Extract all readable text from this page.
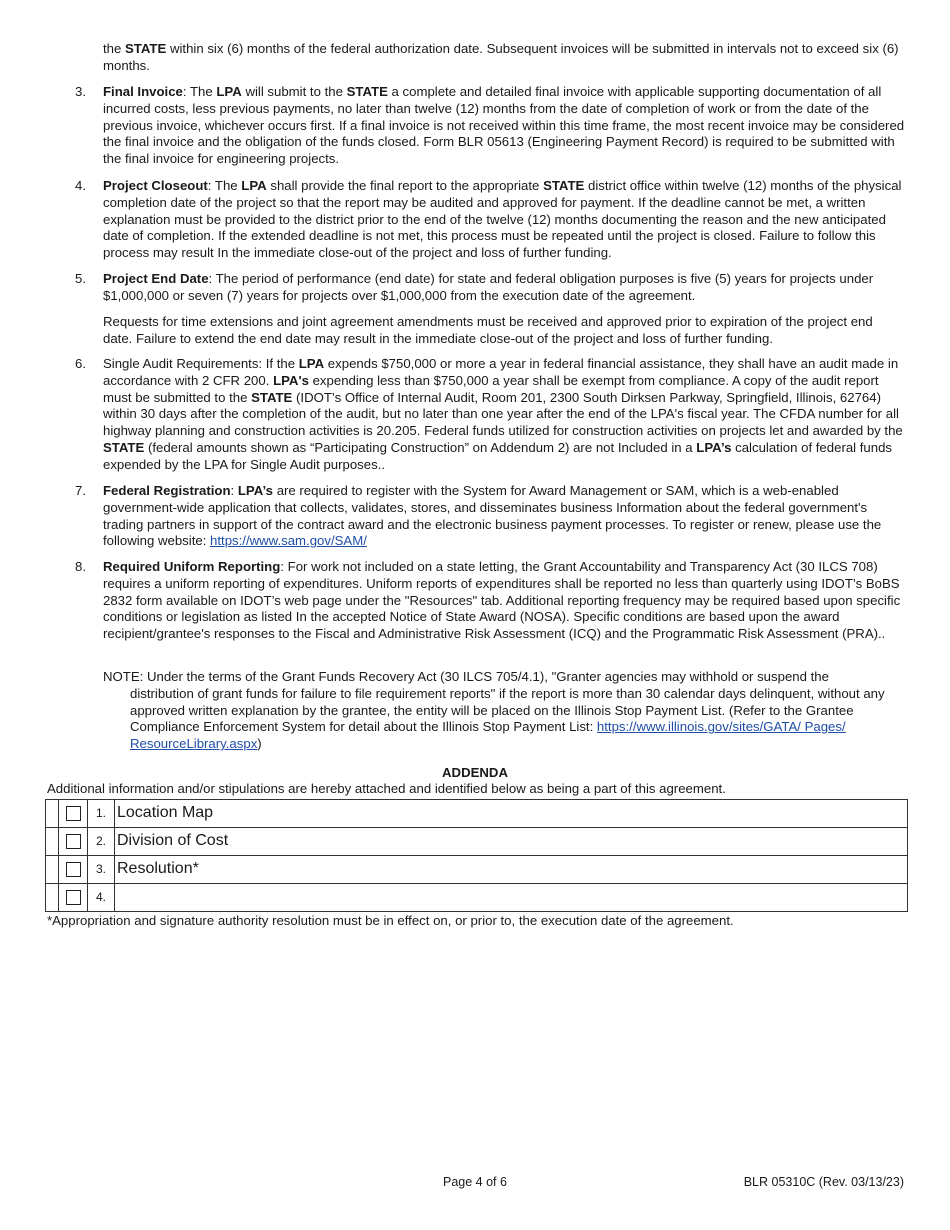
the STATE within six (6) months of the federal authorization date. Subsequent invoices will be submitted in intervals not to exceed six (6) months.
3.	Final Invoice: The LPA will submit to the STATE a complete and detailed final invoice with applicable supporting documentation of all incurred costs, less previous payments, no later than twelve (12) months from the date of completion of work or from the date of the previous invoice, whichever occurs first. If a final invoice is not received within this time frame, the most recent invoice may be considered the final invoice and the obligation of the funds closed. Form BLR 05613 (Engineering Payment Record) is required to be submitted with the final invoice for engineering projects.
4.	Project Closeout: The LPA shall provide the final report to the appropriate STATE district office within twelve (12) months of the physical completion date of the project so that the report may be audited and approved for payment. If the deadline cannot be met, a written explanation must be provided to the district prior to the end of the twelve (12) months documenting the reason and the new anticipated date of completion. If the extended deadline is not met, this process must be repeated until the project is closed. Failure to follow this process may result In the immediate close-out of the project and loss of further funding.
5.	Project End Date: The period of performance (end date) for state and federal obligation purposes is five (5) years for projects under $1,000,000 or seven (7) years for projects over $1,000,000 from the execution date of the agreement.
Requests for time extensions and joint agreement amendments must be received and approved prior to expiration of the project end date. Failure to extend the end date may result in the immediate close-out of the project and loss of further funding.
6.	Single Audit Requirements: If the LPA expends $750,000 or more a year in federal financial assistance, they shall have an audit made in accordance with 2 CFR 200. LPA's expending less than $750,000 a year shall be exempt from compliance. A copy of the audit report must be submitted to the STATE (IDOT’s Office of Internal Audit, Room 201, 2300 South Dirksen Parkway, Springfield, Illinois, 62764) within 30 days after the completion of the audit, but no later than one year after the end of the LPA's fiscal year. The CFDA number for all highway planning and construction activities is 20.205. Federal funds utilized for construction activities on projects let and awarded by the STATE (federal amounts shown as “Participating Construction” on Addendum 2) are not Included in a LPA’s calculation of federal funds expended by the LPA for Single Audit purposes..
7.	Federal Registration: LPA’s are required to register with the System for Award Management or SAM, which is a web-enabled government-wide application that collects, validates, stores, and disseminates business Information about the federal government's trading partners in support of the contract award and the electronic business payment processes. To register or renew, please use the following website: https://www.sam.gov/SAM/
8.	Required Uniform Reporting: For work not included on a state letting, the Grant Accountability and Transparency Act (30 ILCS 708) requires a uniform reporting of expenditures. Uniform reports of expenditures shall be reported no less than quarterly using IDOT’s BoBS 2832 form available on IDOT’s web page under the "Resources" tab. Additional reporting frequency may be required based upon specific conditions or legislation as listed In the accepted Notice of State Award (NOSA). Specific conditions are based upon the award recipient/grantee's responses to the Fiscal and Administrative Risk Assessment (ICQ) and the Programmatic Risk Assessment (PRA)..
NOTE: Under the terms of the Grant Funds Recovery Act (30 ILCS 705/4.1), "Granter agencies may withhold or suspend the
distribution of grant funds for failure to file requirement reports" if the report is more than 30 calendar days delinquent, without any approved written explanation by the grantee, the entity will be placed on the Illinois Stop Payment List. (Refer to the Grantee Compliance Enforcement System for detail about the Illinois Stop Payment List: https://www.illinois.gov/sites/GATA/ Pages/ ResourceLibrary.aspx)
ADDENDA
Additional information and/or stipulations are hereby attached and identified below as being a part of this agreement.
		1.	Location Map
		2.	Division of Cost
		3.	Resolution*
		4.	
*Appropriation and signature authority resolution must be in effect on, or prior to, the execution date of the agreement.
Page 4 of 6	BLR 05310C (Rev. 03/13/23)
